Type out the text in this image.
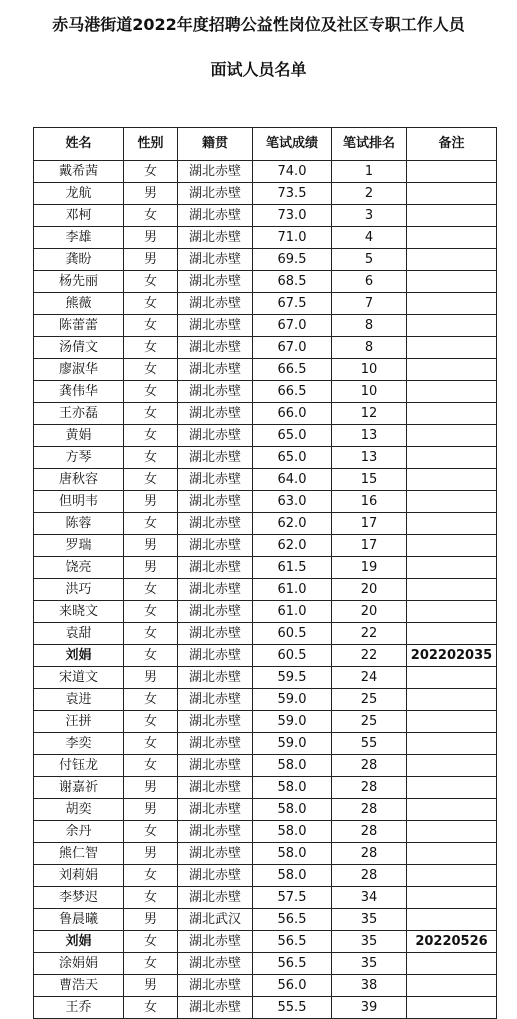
赤马港街道2022年度招聘公益性岗位及社区专职工作人员
面试人员名单
姓名	性别	籍贯	笔试成绩	笔试排名	备注
戴希茜	女	湖北赤壁	74.0	1	
龙航	男	湖北赤壁	73.5	2	
邓柯	女	湖北赤壁	73.0	3	
李雄	男	湖北赤壁	71.0	4	
龚盼	男	湖北赤壁	69.5	5	
杨先丽	女	湖北赤壁	68.5	6	
熊薇	女	湖北赤壁	67.5	7	
陈蕾蕾	女	湖北赤壁	67.0	8	
汤倩文	女	湖北赤壁	67.0	8	
廖淑华	女	湖北赤壁	66.5	10	
龚伟华	女	湖北赤壁	66.5	10	
王亦磊	女	湖北赤壁	66.0	12	
黄娟	女	湖北赤壁	65.0	13	
方琴	女	湖北赤壁	65.0	13	
唐秋容	女	湖北赤壁	64.0	15	
但明韦	男	湖北赤壁	63.0	16	
陈蓉	女	湖北赤壁	62.0	17	
罗瑞	男	湖北赤壁	62.0	17	
饶亮	男	湖北赤壁	61.5	19	
洪巧	女	湖北赤壁	61.0	20	
来晓文	女	湖北赤壁	61.0	20	
袁甜	女	湖北赤壁	60.5	22	
刘娟	女	湖北赤壁	60.5	22	202202035
宋道文	男	湖北赤壁	59.5	24	
袁进	女	湖北赤壁	59.0	25	
汪拼	女	湖北赤壁	59.0	25	
李奕	女	湖北赤壁	59.0	55	
付钰龙	女	湖北赤壁	58.0	28	
谢嘉祈	男	湖北赤壁	58.0	28	
胡奕	男	湖北赤壁	58.0	28	
余丹	女	湖北赤壁	58.0	28	
熊仁智	男	湖北赤壁	58.0	28	
刘莉娟	女	湖北赤壁	58.0	28	
李梦迟	女	湖北赤壁	57.5	34	
鲁晨曦	男	湖北武汉	56.5	35	
刘娟	女	湖北赤壁	56.5	35	20220526
涂娟娟	女	湖北赤壁	56.5	35	
曹浩天	男	湖北赤壁	56.0	38	
王乔	女	湖北赤壁	55.5	39	
